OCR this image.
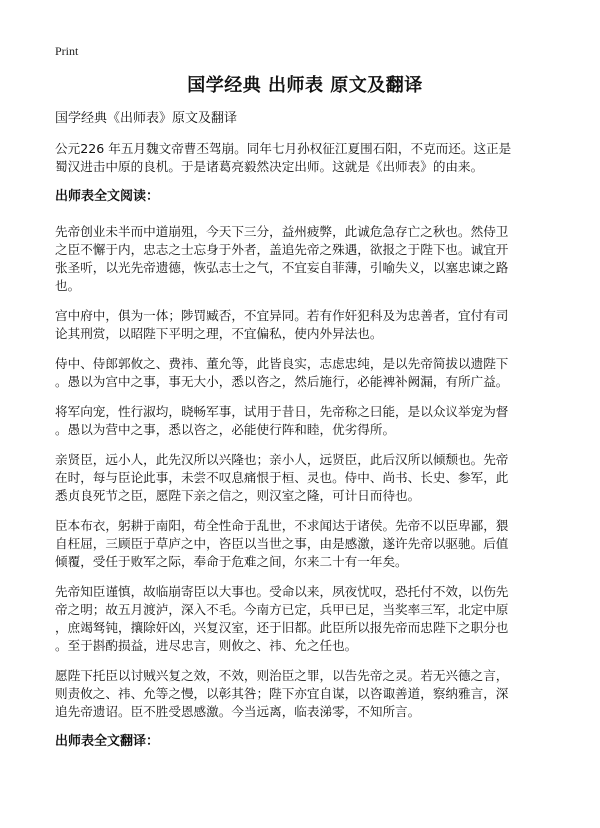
Print
国学经典 出师表 原文及翻译
国学经典《出师表》原文及翻译
公元226 年五月魏文帝曹丕驾崩。同年七月孙权征江夏围石阳，不克而还。这正是
蜀汉进击中原的良机。于是诸葛亮毅然决定出师。这就是《出师表》的由来。
出师表全文阅读：
先帝创业未半而中道崩殂，今天下三分，益州疲弊，此诚危急存亡之秋也。然侍卫
之臣不懈于内，忠志之士忘身于外者，盖追先帝之殊遇，欲报之于陛下也。诚宜开
张圣听，以光先帝遗德，恢弘志士之气，不宜妄自菲薄，引喻失义，以塞忠谏之路
也。
宫中府中，俱为一体；陟罚臧否，不宜异同。若有作奸犯科及为忠善者，宜付有司
论其刑赏，以昭陛下平明之理，不宜偏私，使内外异法也。
侍中、侍郎郭攸之、费祎、董允等，此皆良实，志虑忠纯，是以先帝简拔以遗陛下
。愚以为宫中之事，事无大小，悉以咨之，然后施行，必能裨补阙漏，有所广益。
将军向宠，性行淑均，晓畅军事，试用于昔日，先帝称之曰能，是以众议举宠为督
。愚以为营中之事，悉以咨之，必能使行阵和睦，优劣得所。
亲贤臣，远小人，此先汉所以兴隆也；亲小人，远贤臣，此后汉所以倾颓也。先帝
在时，每与臣论此事，未尝不叹息痛恨于桓、灵也。侍中、尚书、长史、参军，此
悉贞良死节之臣，愿陛下亲之信之，则汉室之隆，可计日而待也。
臣本布衣，躬耕于南阳，苟全性命于乱世，不求闻达于诸侯。先帝不以臣卑鄙，猥
自枉屈，三顾臣于草庐之中，咨臣以当世之事，由是感激，遂许先帝以驱驰。后值
倾覆，受任于败军之际，奉命于危难之间，尔来二十有一年矣。
先帝知臣谨慎，故临崩寄臣以大事也。受命以来，夙夜忧叹，恐托付不效，以伤先
帝之明；故五月渡泸，深入不毛。今南方已定，兵甲已足，当奖率三军，北定中原
，庶竭驽钝，攘除奸凶，兴复汉室，还于旧都。此臣所以报先帝而忠陛下之职分也
。至于斟酌损益，进尽忠言，则攸之、祎、允之任也。
愿陛下托臣以讨贼兴复之效，不效，则治臣之罪，以告先帝之灵。若无兴德之言，
则责攸之、祎、允等之慢，以彰其咎；陛下亦宜自谋，以咨诹善道，察纳雅言，深
追先帝遗诏。臣不胜受恩感激。今当远离，临表涕零，不知所言。
出师表全文翻译：
